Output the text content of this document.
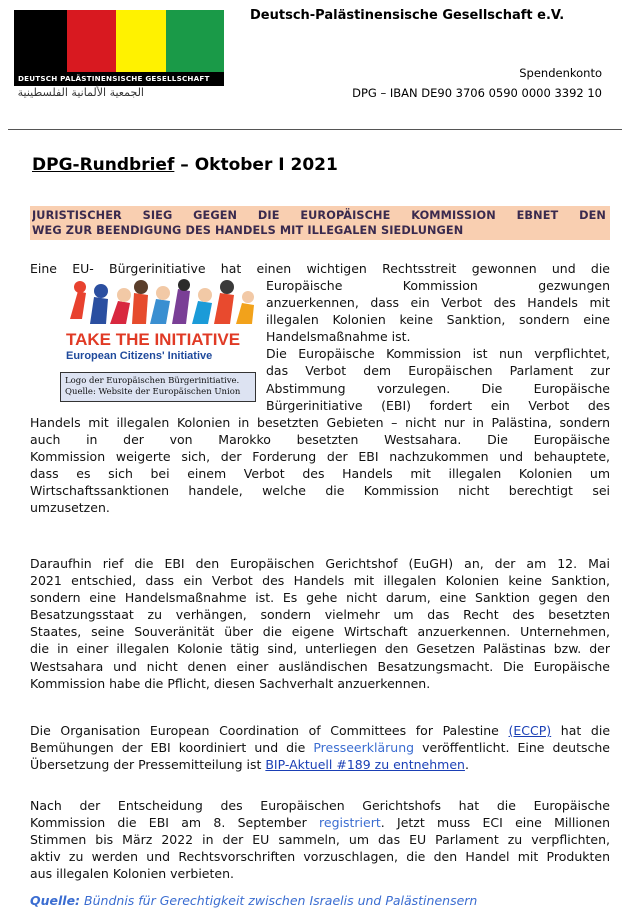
DEUTSCH PALÄSTINENSISCHE GESELLSCHAFT
الجمعية الألمانية الفلسطينية
Deutsch-Palästinensische Gesellschaft e.V.
Spendenkonto
DPG – IBAN DE90 3706 0590 0000 3392 10
DPG-Rundbrief – Oktober I 2021
JURISTISCHER SIEG GEGEN DIE EUROPÄISCHE KOMMISSION EBNET DEN
WEG ZUR BEENDIGUNG DES HANDELS MIT ILLEGALEN SIEDLUNGEN
TAKE THE INITIATIVE
European Citizens' Initiative
Logo der Europäischen Bürgerinitiative.
Quelle: Website der Europäischen Union
Eine EU- Bürgerinitiative hat einen wichtigen Rechtsstreit gewonnen und die
Europäische Kommission gezwungen
anzuerkennen, dass ein Verbot des Handels mit
illegalen Kolonien keine Sanktion, sondern eine
Handelsmaßnahme ist.
Die Europäische Kommission ist nun verpflichtet,
das Verbot dem Europäischen Parlament zur
Abstimmung vorzulegen. Die Europäische
Bürgerinitiative (EBI) fordert ein Verbot des
Handels mit illegalen Kolonien in besetzten Gebieten – nicht nur in Palästina, sondern
auch in der von Marokko besetzten Westsahara. Die Europäische
Kommission weigerte sich, der Forderung der EBI nachzukommen und behauptete,
dass es sich bei einem Verbot des Handels mit illegalen Kolonien um
Wirtschaftssanktionen handele, welche die Kommission nicht berechtigt sei
umzusetzen.
Daraufhin rief die EBI den Europäischen Gerichtshof (EuGH) an, der am 12. Mai
2021 entschied, dass ein Verbot des Handels mit illegalen Kolonien keine Sanktion,
sondern eine Handelsmaßnahme ist. Es gehe nicht darum, eine Sanktion gegen den
Besatzungsstaat zu verhängen, sondern vielmehr um das Recht des besetzten
Staates, seine Souveränität über die eigene Wirtschaft anzuerkennen. Unternehmen,
die in einer illegalen Kolonie tätig sind, unterliegen den Gesetzen Palästinas bzw. der
Westsahara und nicht denen einer ausländischen Besatzungsmacht. Die Europäische
Kommission habe die Pflicht, diesen Sachverhalt anzuerkennen.
Die Organisation European Coordination of Committees for Palestine (ECCP) hat die
Bemühungen der EBI koordiniert und die Presseerklärung veröffentlicht. Eine deutsche
Übersetzung der Pressemitteilung ist BIP-Aktuell #189 zu entnehmen.
Nach der Entscheidung des Europäischen Gerichtshofs hat die Europäische
Kommission die EBI am 8. September registriert. Jetzt muss ECI eine Millionen
Stimmen bis März 2022 in der EU sammeln, um das EU Parlament zu verpflichten,
aktiv zu werden und Rechtsvorschriften vorzuschlagen, die den Handel mit Produkten
aus illegalen Kolonien verbieten.
Quelle: Bündnis für Gerechtigkeit zwischen Israelis und Palästinensern
